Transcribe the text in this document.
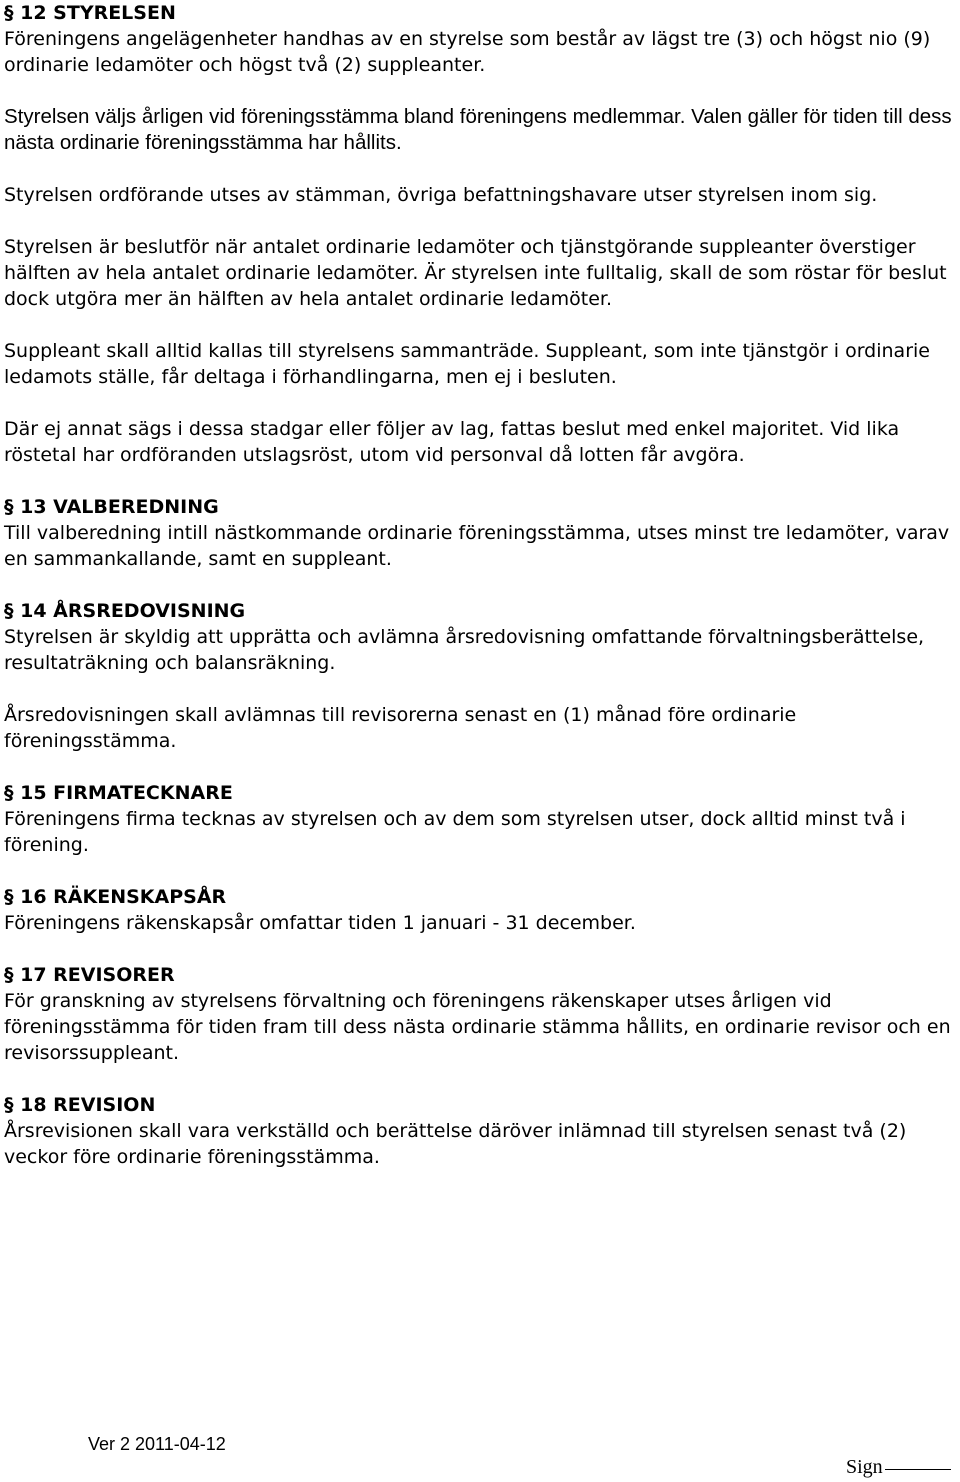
§ 12 STYRELSEN

Föreningens angelägenheter handhas av en styrelse som består av lägst tre (3) och högst nio (9) ordinarie ledamöter och högst två (2) suppleanter.

Styrelsen väljs årligen vid föreningsstämma bland föreningens medlemmar. Valen gäller för tiden till dess nästa ordinarie föreningsstämma har hållits.

Styrelsen ordförande utses av stämman, övriga befattningshavare utser styrelsen inom sig.

Styrelsen är beslutför när antalet ordinarie ledamöter och tjänstgörande suppleanter överstiger hälften av hela antalet ordinarie ledamöter. Är styrelsen inte fulltalig, skall de som röstar för beslut dock utgöra mer än hälften av hela antalet ordinarie ledamöter.

Suppleant skall alltid kallas till styrelsens sammanträde. Suppleant, som inte tjänstgör i ordinarie ledamots ställe, får deltaga i förhandlingarna, men ej i besluten.

Där ej annat sägs i dessa stadgar eller följer av lag, fattas beslut med enkel majoritet. Vid lika röstetal har ordföranden utslagsröst, utom vid personval då lotten får avgöra.

§ 13 VALBEREDNING

Till valberedning intill nästkommande ordinarie föreningsstämma, utses minst tre ledamöter, varav en sammankallande, samt en suppleant.

§ 14 ÅRSREDOVISNING

Styrelsen är skyldig att upprätta och avlämna årsredovisning omfattande förvaltningsberättelse, resultaträkning och balansräkning.

Årsredovisningen skall avlämnas till revisorerna senast en (1) månad före ordinarie föreningsstämma.

§ 15 FIRMATECKNARE

Föreningens firma tecknas av styrelsen och av dem som styrelsen utser, dock alltid minst två i förening.

§ 16 RÄKENSKAPSÅR

Föreningens räkenskapsår omfattar tiden 1 januari - 31 december.

§ 17 REVISORER

För granskning av styrelsens förvaltning och föreningens räkenskaper utses årligen vid föreningsstämma för tiden fram till dess nästa ordinarie stämma hållits, en ordinarie revisor och en revisorssuppleant.

§ 18 REVISION

Årsrevisionen skall vara verkställd och berättelse däröver inlämnad till styrelsen senast två (2) veckor före ordinarie föreningsstämma.

Ver 2 2011-04-12
Sign
